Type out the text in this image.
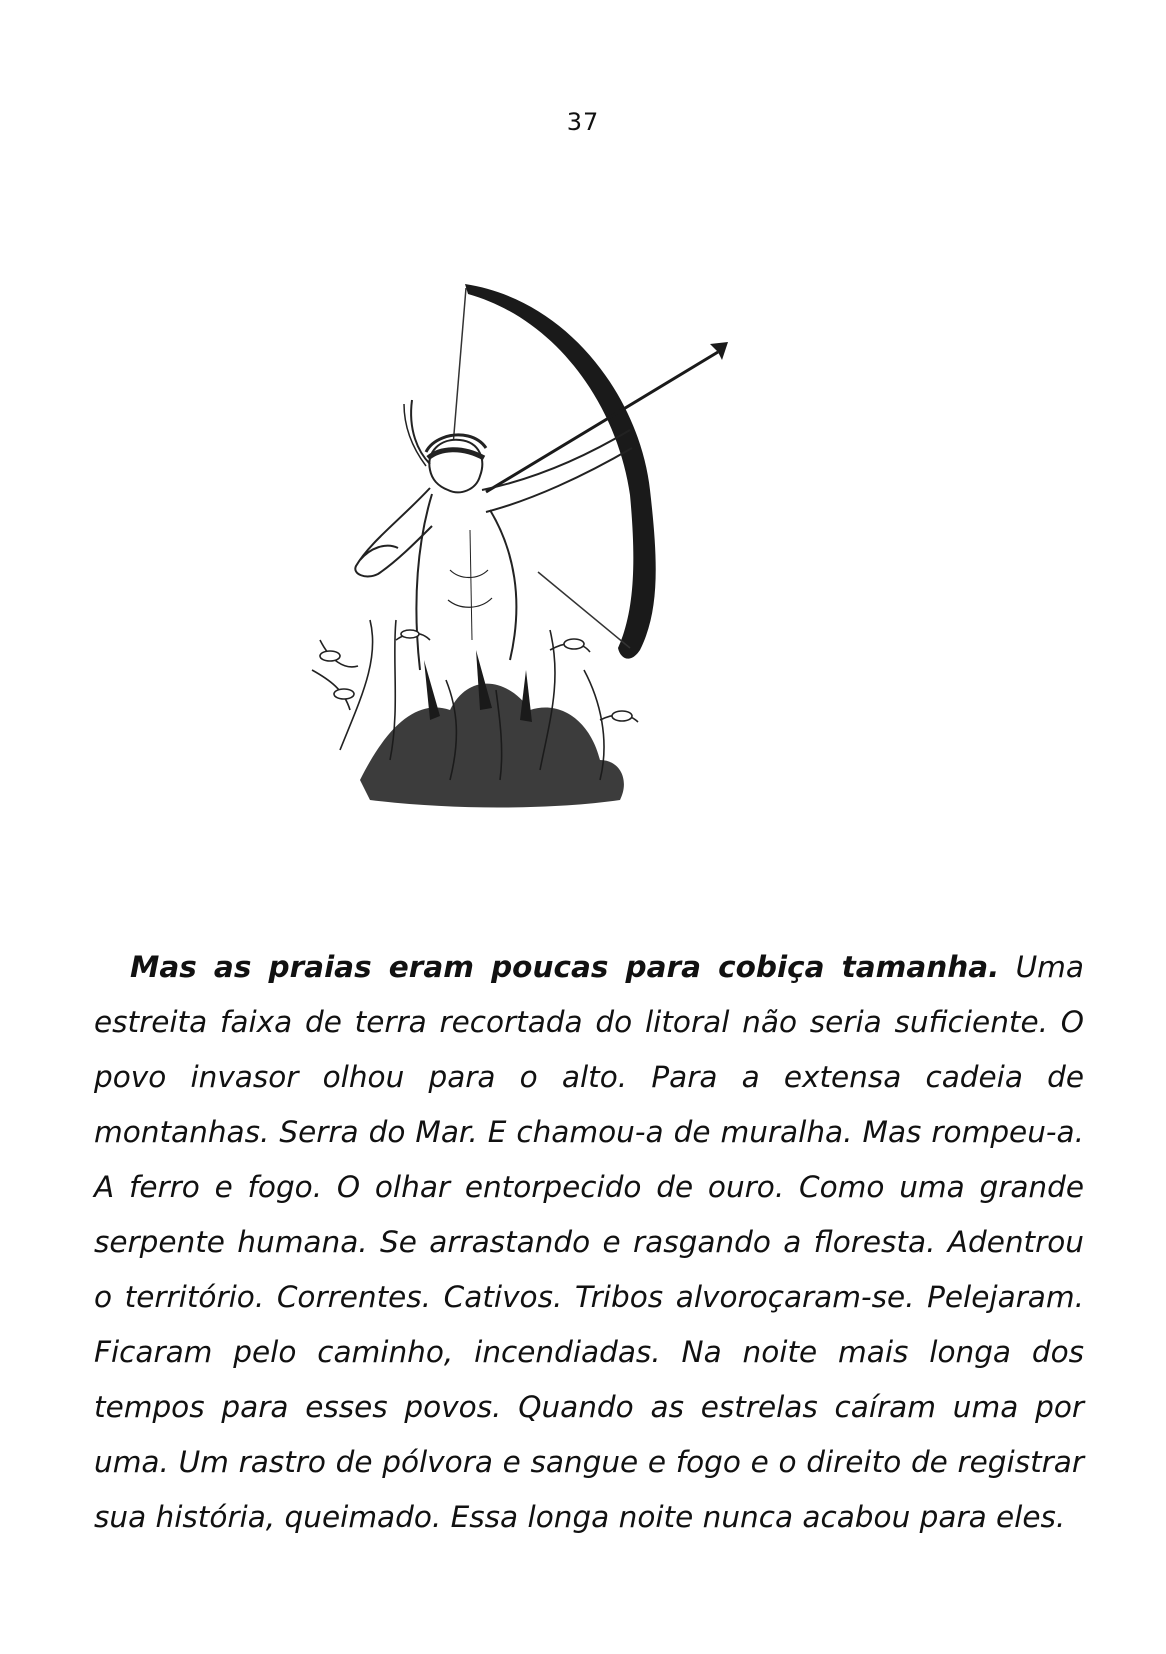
37

Mas as praias eram poucas para cobiça tamanha. Uma estreita faixa de terra recortada do litoral não seria suficiente. O povo invasor olhou para o alto. Para a extensa cadeia de montanhas. Serra do Mar. E chamou-a de muralha. Mas rompeu-a. A ferro e fogo. O olhar entorpecido de ouro. Como uma grande serpente humana. Se arrastando e rasgando a floresta. Adentrou o território. Correntes. Cativos. Tribos alvoroçaram-se. Pelejaram. Ficaram pelo caminho, incendiadas. Na noite mais longa dos tempos para esses povos. Quando as estrelas caíram uma por uma. Um rastro de pólvora e sangue e fogo e o direito de registrar sua história, queimado. Essa longa noite nunca acabou para eles.
